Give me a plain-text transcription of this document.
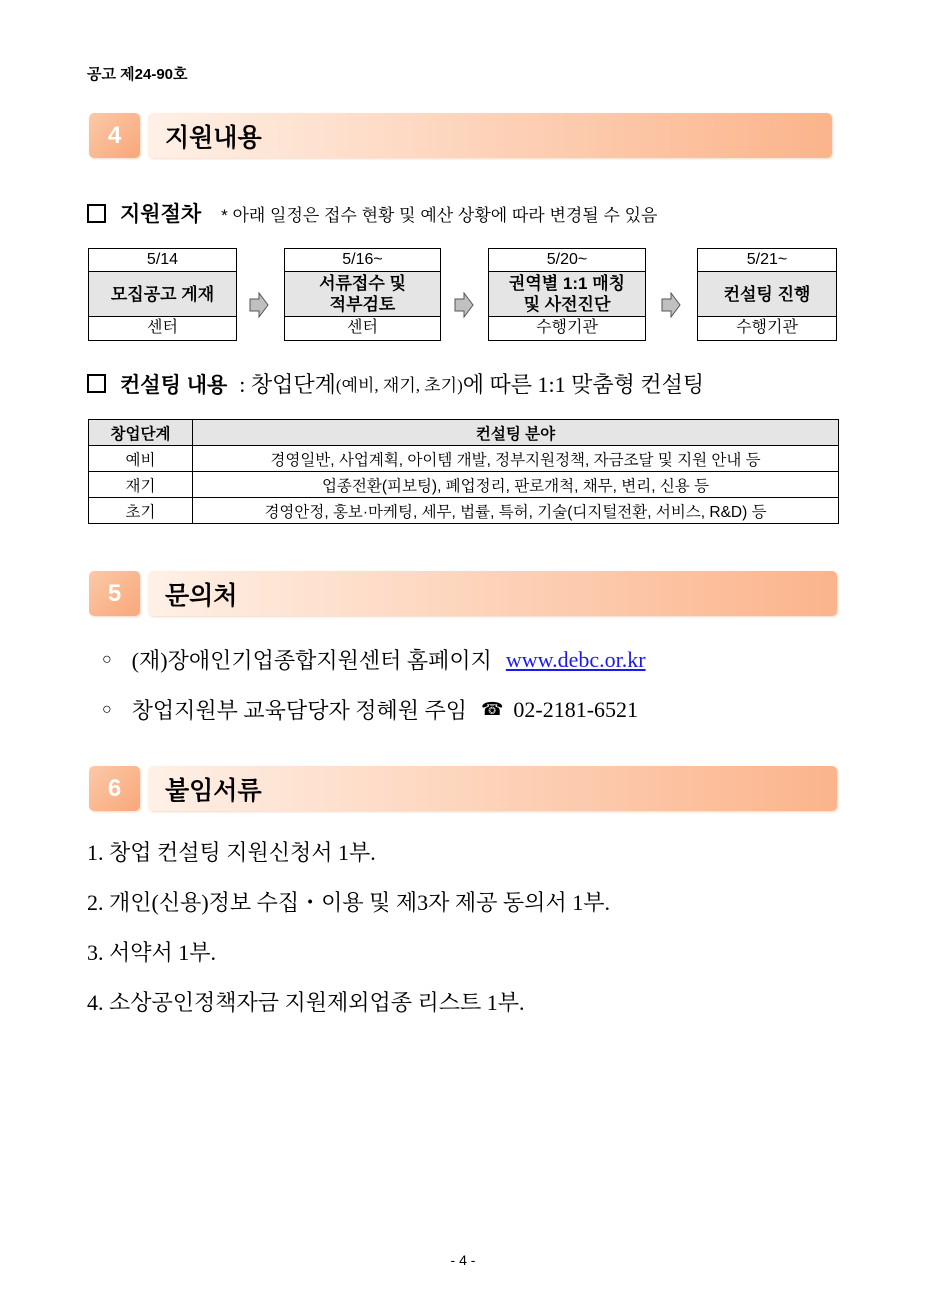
공고 제24-90호
4	지원내용
지원절차 * 아래 일정은 접수 현황 및 예산 상황에 따라 변경될 수 있음
5/14
모집공고 게재
센터
5/16~
서류접수 및
적부검토
센터
5/20~
권역별 1:1 매칭
및 사전진단
수행기관
5/21~
컨설팅 진행
수행기관
컨설팅 내용 : 창업단계 (예비, 재기, 초기) 에 따른 1:1 맞춤형 컨설팅
창업단계	컨설팅 분야
예비	경영일반, 사업계획, 아이템 개발, 정부지원정책, 자금조달 및 지원 안내 등
재기	업종전환(피보팅), 폐업정리, 판로개척, 채무, 변리, 신용 등
초기	경영안정, 홍보·마케팅, 세무, 법률, 특허, 기술(디지털전환, 서비스, R&D) 등
5	문의처
○ (재)장애인기업종합지원센터 홈페이지 www.debc.or.kr
○ 창업지원부 교육담당자 정혜원 주임 ☎ 02-2181-6521
6	붙임서류
1. 창업 컨설팅 지원신청서 1부.
2. 개인(신용)정보 수집・이용 및 제3자 제공 동의서 1부.
3. 서약서 1부.
4. 소상공인정책자금 지원제외업종 리스트 1부.
- 4 -
